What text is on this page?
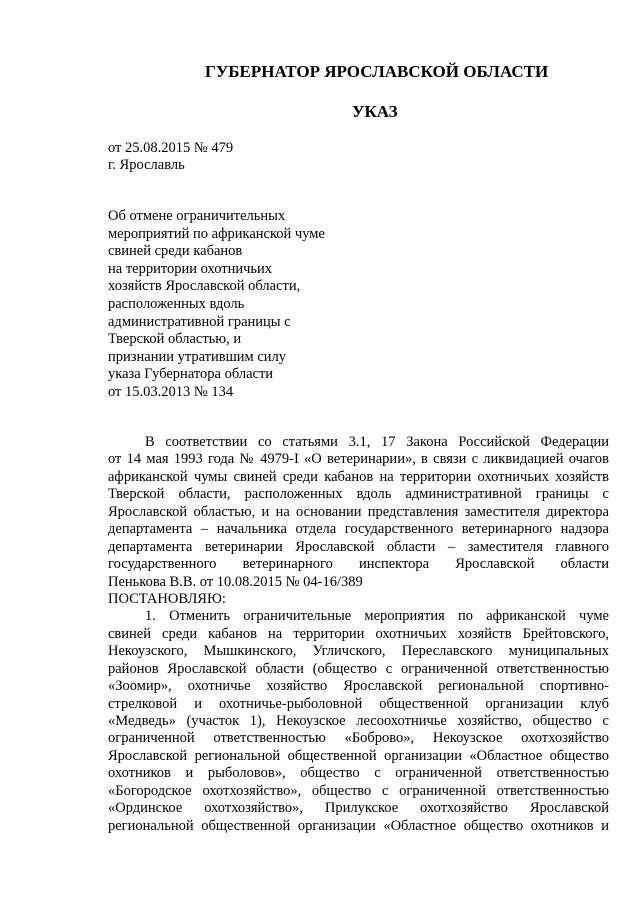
ГУБЕРНАТОР ЯРОСЛАВСКОЙ ОБЛАСТИ
УКАЗ
от 25.08.2015 № 479
г. Ярославль
Об отмене ограничительных
мероприятий по африканской чуме
свиней среди кабанов
на территории охотничьих
хозяйств Ярославской области,
расположенных вдоль
административной границы с
Тверской областью, и
признании утратившим силу
указа Губернатора области
от 15.03.2013 № 134
В соответствии со статьями 3.1, 17 Закона Российской Федерации
от 14 мая 1993 года № 4979-I «О ветеринарии», в связи с ликвидацией очагов
африканской чумы свиней среди кабанов на территории охотничьих хозяйств
Тверской области, расположенных вдоль административной границы с
Ярославской областью, и на основании представления заместителя директора
департамента – начальника отдела государственного ветеринарного надзора
департамента ветеринарии Ярославской области – заместителя главного
государственного ветеринарного инспектора Ярославской области
Пенькова В.В. от 10.08.2015 № 04-16/389
ПОСТАНОВЛЯЮ:
1. Отменить ограничительные мероприятия по африканской чуме
свиней среди кабанов на территории охотничьих хозяйств Брейтовского,
Некоузского, Мышкинского, Угличского, Переславского муниципальных
районов Ярославской области (общество с ограниченной ответственностью
«Зоомир», охотничье хозяйство Ярославской региональной спортивно-
стрелковой и охотничье-рыболовной общественной организации клуб
«Медведь» (участок 1), Некоузское лесоохотничье хозяйство, общество с
ограниченной ответственностью «Боброво», Некоузское охотхозяйство
Ярославской региональной общественной организации «Областное общество
охотников и рыболовов», общество с ограниченной ответственностью
«Богородское охотхозяйство», общество с ограниченной ответственностью
«Ординское охотхозяйство», Прилукское охотхозяйство Ярославской
региональной общественной организации «Областное общество охотников и
